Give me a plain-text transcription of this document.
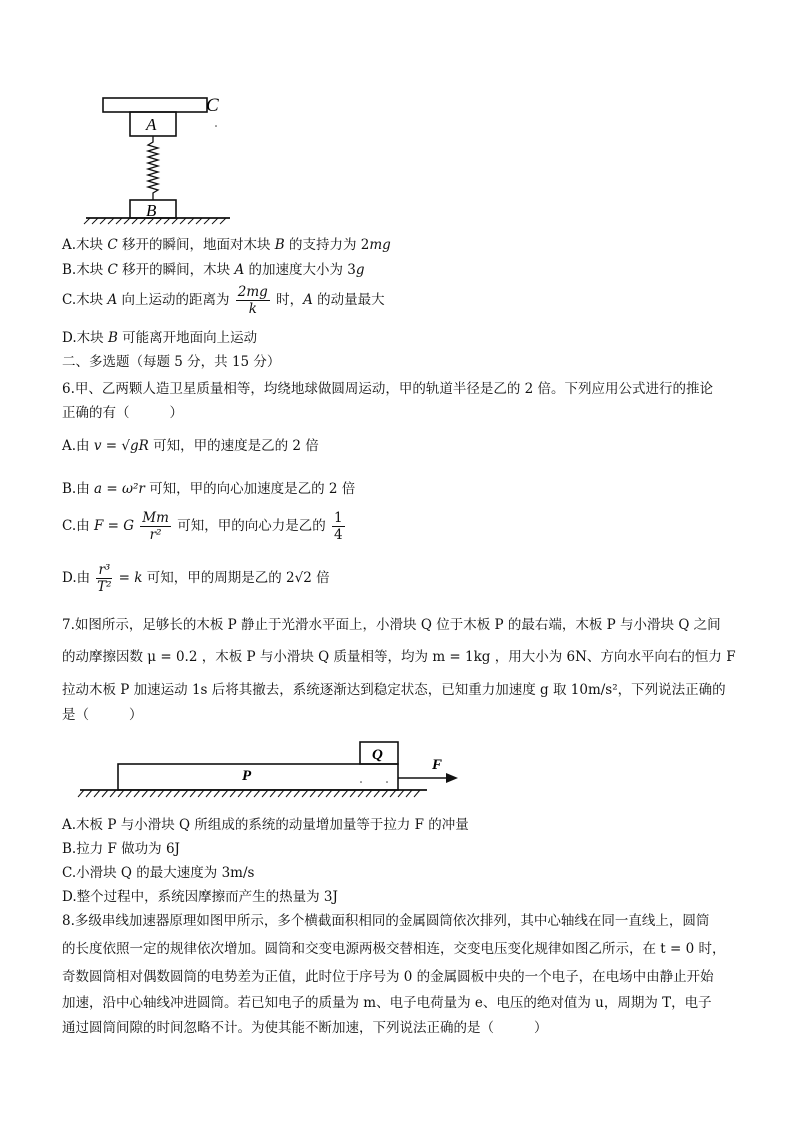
C
A
B
A.木块 C 移开的瞬间，地面对木块 B 的支持力为 2mg
B.木块 C 移开的瞬间，木块 A 的加速度大小为 3g
C.木块 A 向上运动的距离为 $\frac{2mg}{k}$ 时，A 的动量最大
D.木块 B 可能离开地面向上运动
二、多选题（每题 5 分，共 15 分）
6.甲、乙两颗人造卫星质量相等，均绕地球做圆周运动，甲的轨道半径是乙的 2 倍。下列应用公式进行的推论
正确的有（	）
A.由 v = √gR 可知，甲的速度是乙的 2 倍
B.由 a = ω²r 可知，甲的向心加速度是乙的 2 倍
C.由 F = G $\frac{Mm}{\text{r²}}$ 可知，甲的向心力是乙的 $\frac{1}{4}$
D.由 $\frac{\text{r³}}{\text{T²}} = k$ 可知，甲的周期是乙的 2√2 倍
7.如图所示，足够长的木板 P 静止于光滑水平面上，小滑块 Q 位于木板 P 的最右端，木板 P 与小滑块 Q 之间
的动摩擦因数 μ = 0.2 ，木板 P 与小滑块 Q 质量相等，均为 m = 1kg ，用大小为 6N、方向水平向右的恒力 F
拉动木板 P 加速运动 1s 后将其撤去，系统逐渐达到稳定状态，已知重力加速度 g 取 10m/s²，下列说法正确的
是（	）
P
Q
F
A.木板 P 与小滑块 Q 所组成的系统的动量增加量等于拉力 F 的冲量
B.拉力 F 做功为 6J
C.小滑块 Q 的最大速度为 3m/s
D.整个过程中，系统因摩擦而产生的热量为 3J
8.多级串线加速器原理如图甲所示，多个横截面积相同的金属圆筒依次排列，其中心轴线在同一直线上，圆筒
的长度依照一定的规律依次增加。圆筒和交变电源两极交替相连，交变电压变化规律如图乙所示，在 t = 0 时，
奇数圆筒相对偶数圆筒的电势差为正值，此时位于序号为 0 的金属圆板中央的一个电子，在电场中由静止开始
加速，沿中心轴线冲进圆筒。若已知电子的质量为 m、电子电荷量为 e、电压的绝对值为 u，周期为 T，电子
通过圆筒间隙的时间忽略不计。为使其能不断加速，下列说法正确的是（	）
